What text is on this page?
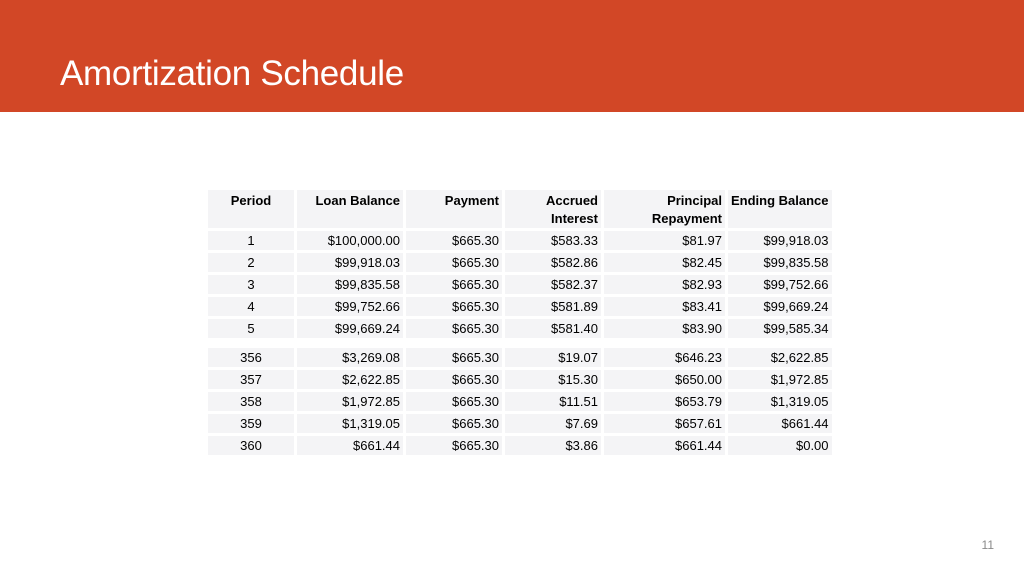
Amortization Schedule
Period	Loan Balance	Payment	Accrued Interest	Principal Repayment	Ending Balance
1	$100,000.00	$665.30	$583.33	$81.97	$99,918.03
2	$99,918.03	$665.30	$582.86	$82.45	$99,835.58
3	$99,835.58	$665.30	$582.37	$82.93	$99,752.66
4	$99,752.66	$665.30	$581.89	$83.41	$99,669.24
5	$99,669.24	$665.30	$581.40	$83.90	$99,585.34

356	$3,269.08	$665.30	$19.07	$646.23	$2,622.85
357	$2,622.85	$665.30	$15.30	$650.00	$1,972.85
358	$1,972.85	$665.30	$11.51	$653.79	$1,319.05
359	$1,319.05	$665.30	$7.69	$657.61	$661.44
360	$661.44	$665.30	$3.86	$661.44	$0.00
11
